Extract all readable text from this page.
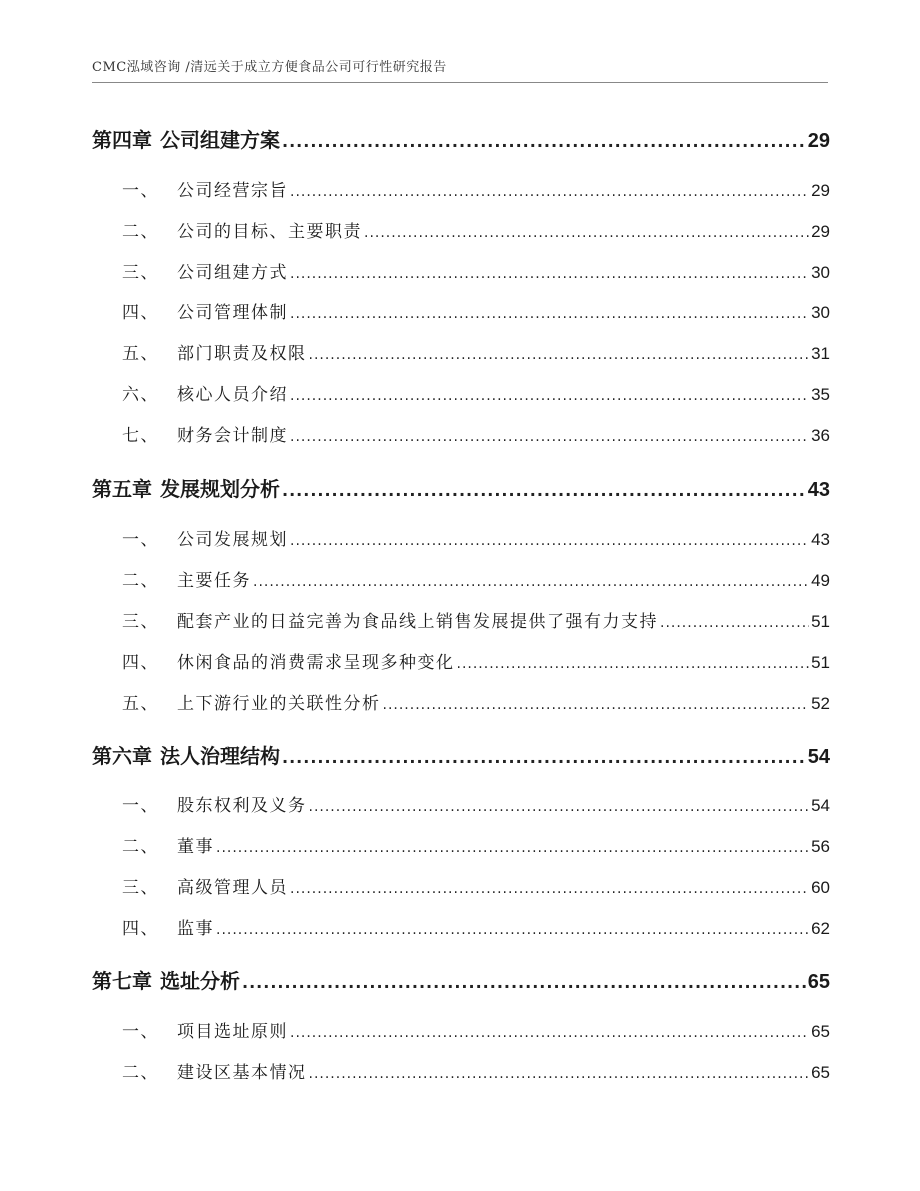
CMC泓域咨询 /清远关于成立方便食品公司可行性研究报告
第四章 公司组建方案 .....	29
一、 公司经营宗旨 .....	29
二、 公司的目标、主要职责 .....	29
三、 公司组建方式 .....	30
四、 公司管理体制 .....	30
五、 部门职责及权限 .....	31
六、 核心人员介绍 .....	35
七、 财务会计制度 .....	36
第五章 发展规划分析 .....	43
一、 公司发展规划 .....	43
二、 主要任务 .....	49
三、 配套产业的日益完善为食品线上销售发展提供了强有力支持 .....	51
四、 休闲食品的消费需求呈现多种变化 .....	51
五、 上下游行业的关联性分析 .....	52
第六章 法人治理结构 .....	54
一、 股东权利及义务 .....	54
二、 董事 .....	56
三、 高级管理人员 .....	60
四、 监事 .....	62
第七章 选址分析 .....	65
一、 项目选址原则 .....	65
二、 建设区基本情况 .....	65
